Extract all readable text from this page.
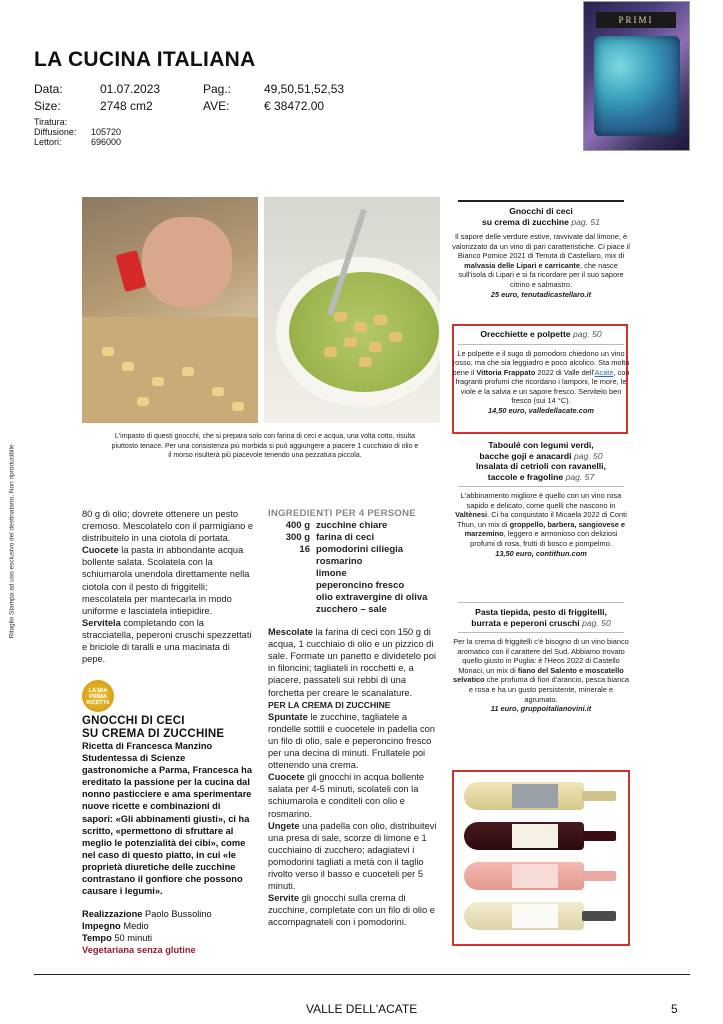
LA CUCINA ITALIANA
Data:	01.07.2023	Pag.:	49,50,51,52,53
Size:	2748 cm2	AVE:	€ 38472.00
Tiratura:
Diffusione: 105720
Lettori:	696000
PRIMI
Ritaglio Stampa ad uso esclusivo del destinatario, Non riproducibile
L'impasto di questi gnocchi, che si prepara solo con farina di ceci e acqua, una volta cotto, risulta piuttosto tenace. Per una consistenza più morbida si può aggiungere a piacere 1 cucchiaio di olio e il morso risulterà più piacevole tenendo una pezzatura piccola.

80 g di olio; dovrete ottenere un pesto cremoso. Mescolatelo con il parmigiano e distribuitelo in una ciotola di portata.

Cuocete la pasta in abbondante acqua bollente salata. Scolatela con la schiumarola unendola direttamente nella ciotola con il pesto di friggitelli; mescolatela per mantecarla in modo uniforme e lasciatela intiepidire.

Servitela completando con la stracciatella, peperoni cruschi spezzettati e briciole di taralli e una macinata di pepe.

LA MIA PRIMA RICETTA
GNOCCHI DI CECI
SU CREMA DI ZUCCHINE
Ricetta di Francesca Manzino
Studentessa di Scienze gastronomiche a Parma, Francesca ha ereditato la passione per la cucina dal nonno pasticciere e ama sperimentare nuove ricette e combinazioni di sapori: «Gli abbinamenti giusti», ci ha scritto, «permettono di sfruttare al meglio le potenzialità dei cibi», come nel caso di questo piatto, in cui «le proprietà diuretiche delle zucchine contrastano il gonfiore che possono causare i legumi».
Realizzazione Paolo Bussolino
Impegno Medio
Tempo 50 minuti
Vegetariana senza glutine
INGREDIENTI PER 4 PERSONE
400 g zucchine chiare
300 g farina di ceci
16 pomodorini ciliegia
rosmarino
limone
peperoncino fresco
olio extravergine di oliva
zucchero – sale

Mescolate la farina di ceci con 150 g di acqua, 1 cucchiaio di olio e un pizzico di sale. Formate un panetto e dividetelo poi in filoncini; tagliateli in rocchetti e, a piacere, passateli sui rebbi di una forchetta per creare le scanalature.

PER LA CREMA DI ZUCCHINE

Spuntate le zucchine, tagliatele a rondelle sottili e cuocetele in padella con un filo di olio, sale e peperoncino fresco per una decina di minuti. Frullatele poi ottenendo una crema.

Cuocete gli gnocchi in acqua bollente salata per 4-5 minuti, scolateli con la schiumarola e conditeli con olio e rosmarino.

Ungete una padella con olio, distribuitevi una presa di sale, scorze di limone e 1 cucchiaino di zucchero; adagiatevi i pomodorini tagliati a metà con il taglio rivolto verso il basso e cuoceteli per 5 minuti.

Servite gli gnocchi sulla crema di zucchine, completate con un filo di olio e accompagnateli con i pomodorini.

Gnocchi di ceci
su crema di zucchine pag. 51
Il sapore delle verdure estive, ravvivate dal limone, è valorizzato da un vino di pari caratteristiche. Ci piace il Bianco Pomice 2021 di Tenuta di Castellaro, mix di malvasia delle Lipari e carricante, che nasce sull'isola di Lipari e si fa ricordare per il suo sapore citrino e salmastro.
25 euro, tenutadicastellaro.it
Orecchiette e polpette pag. 50
Le polpette e il sugo di pomodoro chiedono un vino rosso, ma che sia leggiadro e poco alcolico. Sta molto bene il Vittoria Frappato 2022 di Valle dell'Acate, con fragranti profumi che ricordano i lamponi, le more, le viole e la salvia e un sapore fresco. Servitelo ben fresco (sui 14 °C).
14,50 euro, valledellacate.com
Taboulé con legumi verdi,
bacche goji e anacardi pag. 50
Insalata di cetrioli con ravanelli,
taccole e fragoline pag. 57
L'abbinamento migliore è quello con un vino rosa sapido e delicato, come quelli che nascono in Valtènesi. Ci ha conquistato il Micaela 2022 di Conti Thun, un mix di groppello, barbera, sangiovese e marzemino, leggero e armonioso con deliziosi profumi di rosa, frutti di bosco e pompelmo.
13,50 euro, contithun.com
Pasta tiepida, pesto di friggitelli,
burrata e peperoni cruschi pag. 50
Per la crema di friggitelli c'è bisogno di un vino bianco aromatico con il carattere del Sud. Abbiamo trovato quello giusto in Puglia: è l'Heos 2022 di Castello Monaci, un mix di fiano del Salento e moscatello selvatico che profuma di fiori d'arancio, pesca bianca e rosa e ha un gusto persistente, minerale e agrumato.
11 euro, gruppoitalianovini.it
VALLE DELL'ACATE	5
